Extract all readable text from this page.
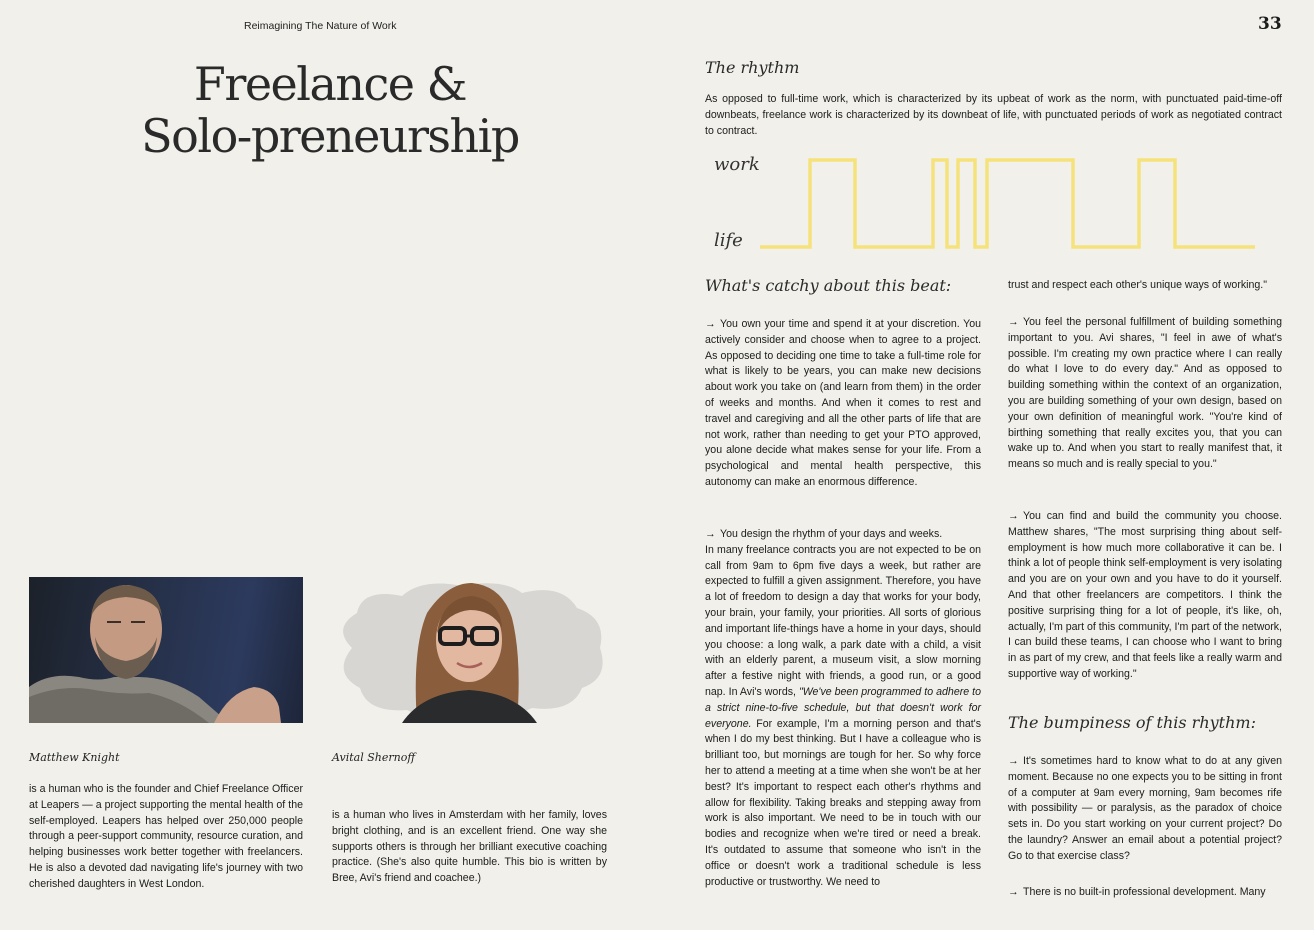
Reimagining The Nature of Work	33
Freelance &
Solo-preneurship
Matthew Knight
is a human who is the founder and Chief Freelance Officer at Leapers — a project supporting the mental health of the self-employed. Leapers has helped over 250,000 people through a peer-support community, resource curation, and helping businesses work better together with freelancers. He is also a devoted dad navigating life's journey with two cherished daughters in West London.
Avital Shernoff
is a human who lives in Amsterdam with her family, loves bright clothing, and is an excellent friend. One way she supports others is through her brilliant executive coaching practice. (She's also quite humble. This bio is written by Bree, Avi's friend and coachee.)
The rhythm
As opposed to full-time work, which is characterized by its upbeat of work as the norm, with punctuated paid-time-off downbeats, freelance work is characterized by its downbeat of life, with punctuated periods of work as negotiated contract to contract.
work
life
What's catchy about this beat:
→ You own your time and spend it at your discretion. You actively consider and choose when to agree to a project. As opposed to deciding one time to take a full-time role for what is likely to be years, you can make new decisions about work you take on (and learn from them) in the order of weeks and months. And when it comes to rest and travel and caregiving and all the other parts of life that are not work, rather than needing to get your PTO approved, you alone decide what makes sense for your life. From a psychological and mental health perspective, this autonomy can make an enormous difference.

→ You design the rhythm of your days and weeks.

In many freelance contracts you are not expected to be on call from 9am to 6pm five days a week, but rather are expected to fulfill a given assignment. Therefore, you have a lot of freedom to design a day that works for your body, your brain, your family, your priorities. All sorts of glorious and important life-things have a home in your days, should you choose: a long walk, a park date with a child, a visit with an elderly parent, a museum visit, a slow morning after a festive night with friends, a good run, or a good nap. In Avi's words, "We've been programmed to adhere to a strict nine-to-five schedule, but that doesn't work for everyone. For example, I'm a morning person and that's when I do my best thinking. But I have a colleague who is brilliant too, but mornings are tough for her. So why force her to attend a meeting at a time when she won't be at her best? It's important to respect each other's rhythms and allow for flexibility. Taking breaks and stepping away from work is also important. We need to be in touch with our bodies and recognize when we're tired or need a break. It's outdated to assume that someone who isn't in the office or doesn't work a traditional schedule is less productive or trustworthy. We need to

trust and respect each other's unique ways of working."
→ You feel the personal fulfillment of building something important to you. Avi shares, "I feel in awe of what's possible. I'm creating my own practice where I can really do what I love to do every day." And as opposed to building something within the context of an organization, you are building something of your own design, based on your own definition of meaningful work. "You're kind of birthing something that really excites you, that you can wake up to. And when you start to really manifest that, it means so much and is really special to you."
→ You can find and build the community you choose. Matthew shares, "The most surprising thing about self-employment is how much more collaborative it can be. I think a lot of people think self-employment is very isolating and you are on your own and you have to do it yourself. And that other freelancers are competitors. I think the positive surprising thing for a lot of people, it's like, oh, actually, I'm part of this community, I'm part of the network, I can build these teams, I can choose who I want to bring in as part of my crew, and that feels like a really warm and supportive way of working."
The bumpiness of this rhythm:
→ It's sometimes hard to know what to do at any given moment. Because no one expects you to be sitting in front of a computer at 9am every morning, 9am becomes rife with possibility — or paralysis, as the paradox of choice sets in. Do you start working on your current project? Do the laundry? Answer an email about a potential project? Go to that exercise class?
→ There is no built-in professional development. Many
